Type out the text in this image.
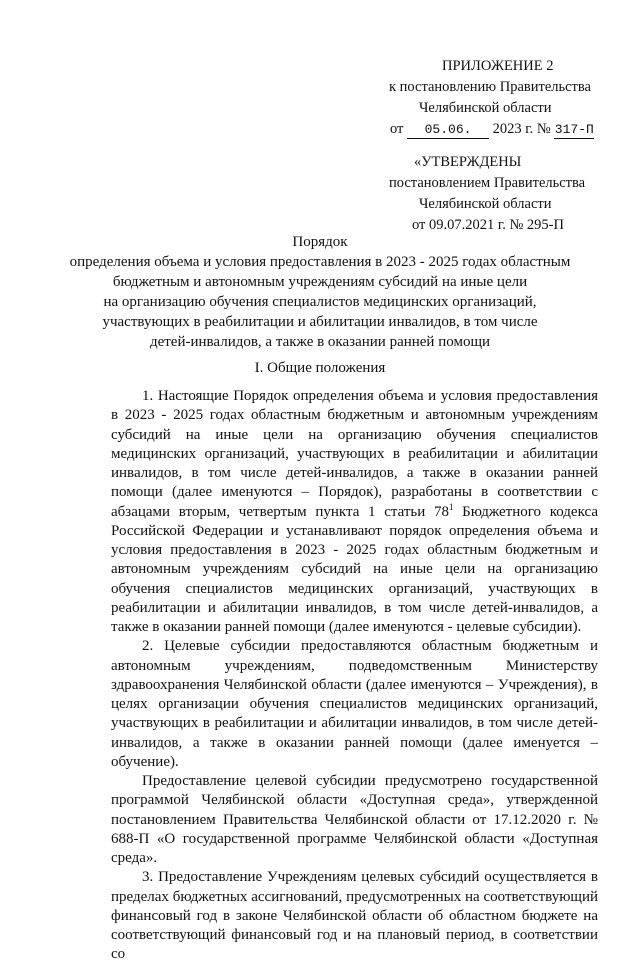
ПРИЛОЖЕНИЕ 2
к постановлению Правительства
Челябинской области
от 05.06. 2023 г. № 317-П
«УТВЕРЖДЕНЫ
постановлением Правительства
Челябинской области
от 09.07.2021 г. № 295-П
Порядок
определения объема и условия предоставления в 2023 - 2025 годах областным
бюджетным и автономным учреждениям субсидий на иные цели
на организацию обучения специалистов медицинских организаций,
участвующих в реабилитации и абилитации инвалидов, в том числе
детей-инвалидов, а также в оказании ранней помощи
I. Общие положения

1. Настоящие Порядок определения объема и условия предоставления в 2023 - 2025 годах областным бюджетным и автономным учреждениям субсидий на иные цели на организацию обучения специалистов медицинских организаций, участвующих в реабилитации и абилитации инвалидов, в том числе детей-инвалидов, а также в оказании ранней помощи (далее именуются – Порядок), разработаны в соответствии с абзацами вторым, четвертым пункта 1 статьи $78^1$ Бюджетного кодекса Российской Федерации и устанавливают порядок определения объема и условия предоставления в 2023 - 2025 годах областным бюджетным и автономным учреждениям субсидий на иные цели на организацию обучения специалистов медицинских организаций, участвующих в реабилитации и абилитации инвалидов, в том числе детей-инвалидов, а также в оказании ранней помощи (далее именуются - целевые субсидии).

2. Целевые субсидии предоставляются областным бюджетным и автономным учреждениям, подведомственным Министерству здравоохранения Челябинской области (далее именуются – Учреждения), в целях организации обучения специалистов медицинских организаций, участвующих в реабилитации и абилитации инвалидов, в том числе детей-инвалидов, а также в оказании ранней помощи (далее именуется – обучение).

Предоставление целевой субсидии предусмотрено государственной программой Челябинской области «Доступная среда», утвержденной постановлением Правительства Челябинской области от 17.12.2020 г. № 688-П «О государственной программе Челябинской области «Доступная среда».

3. Предоставление Учреждениям целевых субсидий осуществляется в пределах бюджетных ассигнований, предусмотренных на соответствующий финансовый год в законе Челябинской области об областном бюджете на соответствующий финансовый год и на плановый период, в соответствии со
